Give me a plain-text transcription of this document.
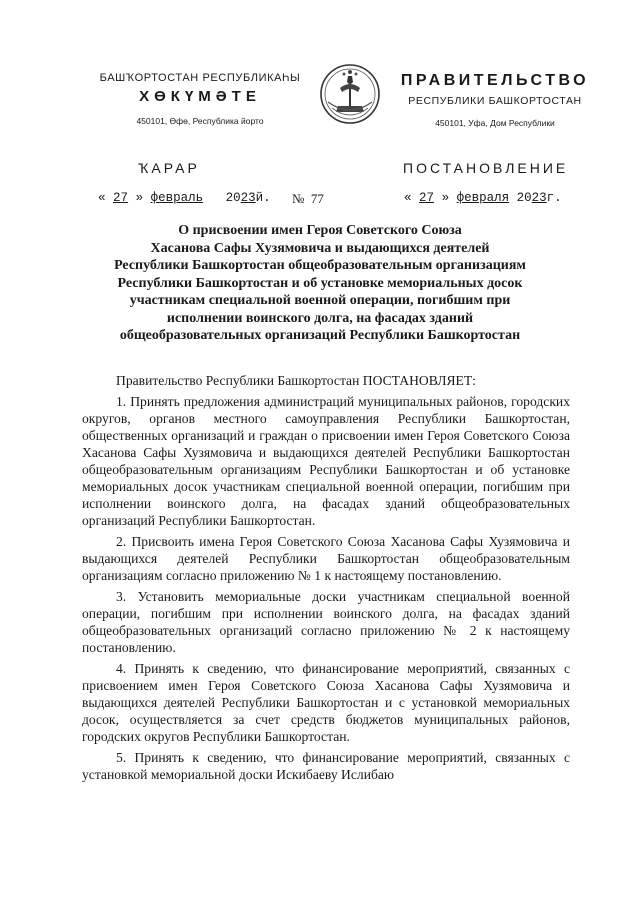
БАШҠОРТОСТАН РЕСПУБЛИКАҺЫ
ХӨКҮМӘТЕ
450101, Өфө, Республика йорто
ПРАВИТЕЛЬСТВО
РЕСПУБЛИКИ БАШКОРТОСТАН
450101, Уфа, Дом Республики
ҠАРАР	ПОСТАНОВЛЕНИЕ
« 27 » февраль 2023й. № 77	« 27 » февраля 2023г.
О присвоении имен Героя Советского Союза
Хасанова Сафы Хузямовича и выдающихся деятелей
Республики Башкортостан общеобразовательным организациям
Республики Башкортостан и об установке мемориальных досок
участникам специальной военной операции, погибшим при
исполнении воинского долга, на фасадах зданий
общеобразовательных организаций Республики Башкортостан

Правительство Республики Башкортостан ПОСТАНОВЛЯЕТ:

1. Принять предложения администраций муниципальных районов, городских округов, органов местного самоуправления Республики Башкортостан, общественных организаций и граждан о присвоении имен Героя Советского Союза Хасанова Сафы Хузямовича и выдающихся деятелей Республики Башкортостан общеобразовательным организациям Республики Башкортостан и об установке мемориальных досок участникам специальной военной операции, погибшим при исполнении воинского долга, на фасадах зданий общеобразовательных организаций Республики Башкортостан.

2. Присвоить имена Героя Советского Союза Хасанова Сафы Хузямовича и выдающихся деятелей Республики Башкортостан общеобразовательным организациям согласно приложению № 1 к настоящему постановлению.

3. Установить мемориальные доски участникам специальной военной операции, погибшим при исполнении воинского долга, на фасадах зданий общеобразовательных организаций согласно приложению № 2 к настоящему постановлению.

4. Принять к сведению, что финансирование мероприятий, связанных с присвоением имен Героя Советского Союза Хасанова Сафы Хузямовича и выдающихся деятелей Республики Башкортостан и с установкой мемориальных досок, осуществляется за счет средств бюджетов муниципальных районов, городских округов Республики Башкортостан.

5. Принять к сведению, что финансирование мероприятий, связанных с установкой мемориальной доски Искибаеву Ислибаю
